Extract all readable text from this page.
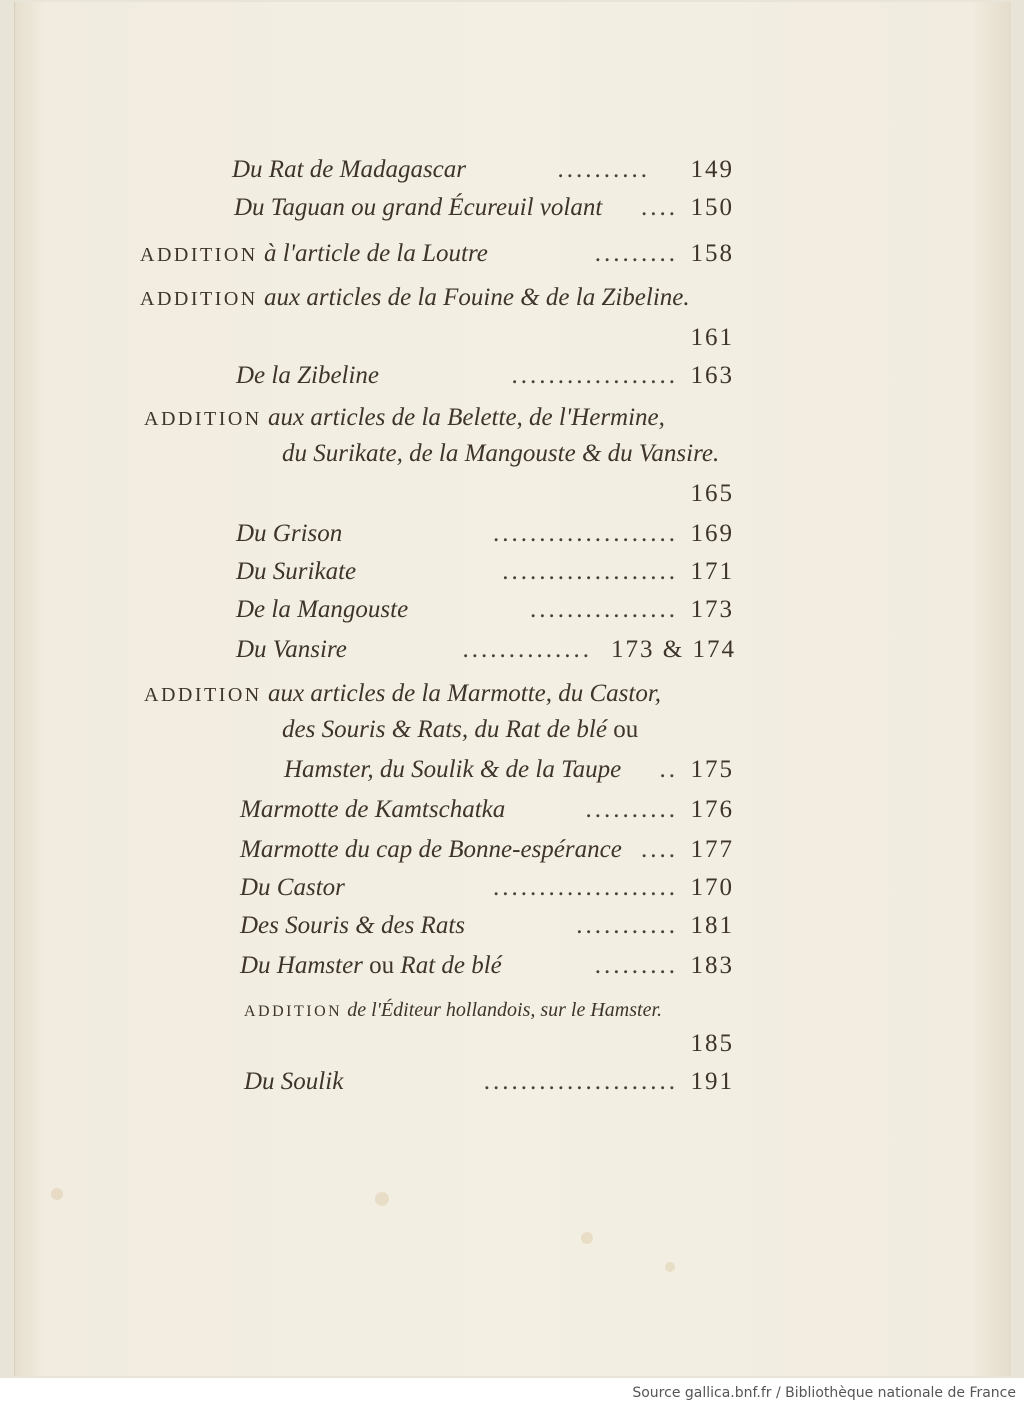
Du Rat de Madagascar	.......... 149
Du Taguan ou grand Écureuil volant	.... 150
ADDITION à l'article de la Loutre	......... 158
ADDITION aux articles de la Fouine & de la Zibeline.
161
De la Zibeline	.................. 163
ADDITION aux articles de la Belette, de l'Hermine,
du Surikate, de la Mangouste & du Vansire.
165
Du Grison	.................... 169
Du Surikate	................... 171
De la Mangouste	................ 173
Du Vansire	.............. 173 & 174
ADDITION aux articles de la Marmotte, du Castor,
des Souris & Rats, du Rat de blé ou
Hamster, du Soulik & de la Taupe	.. 175
Marmotte de Kamtschatka	.......... 176
Marmotte du cap de Bonne-espérance .... 177
Du Castor	.................... 170
Des Souris & des Rats	........... 181
Du Hamster ou Rat de blé	......... 183
ADDITION de l'Éditeur hollandois, sur le Hamster.
185
Du Soulik	..................... 191
Source gallica.bnf.fr / Bibliothèque nationale de France
